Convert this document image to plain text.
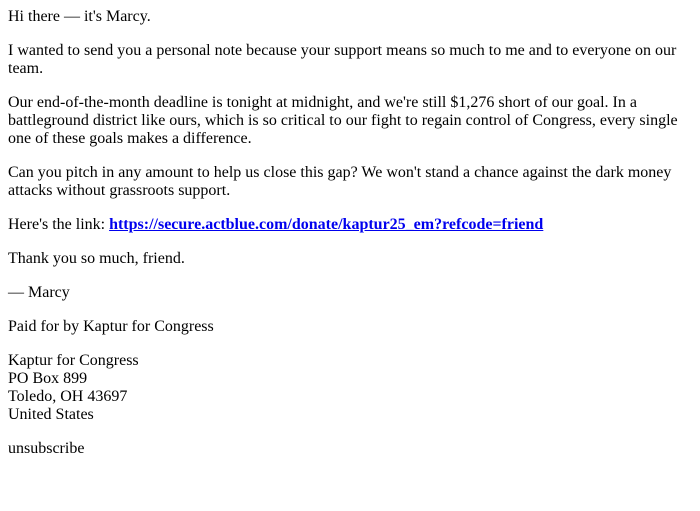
Hi there — it's Marcy.

I wanted to send you a personal note because your support means so much to me and to everyone on our team.

Our end-of-the-month deadline is tonight at midnight, and we're still $1,276 short of our goal. In a battleground district like ours, which is so critical to our fight to regain control of Congress, every single one of these goals makes a difference.

Can you pitch in any amount to help us close this gap? We won't stand a chance against the dark money attacks without grassroots support.

Here's the link: https://secure.actblue.com/donate/kaptur25_em?refcode=friend

Thank you so much, friend.

— Marcy

Paid for by Kaptur for Congress

Kaptur for Congress
PO Box 899
Toledo, OH 43697
United States

unsubscribe
